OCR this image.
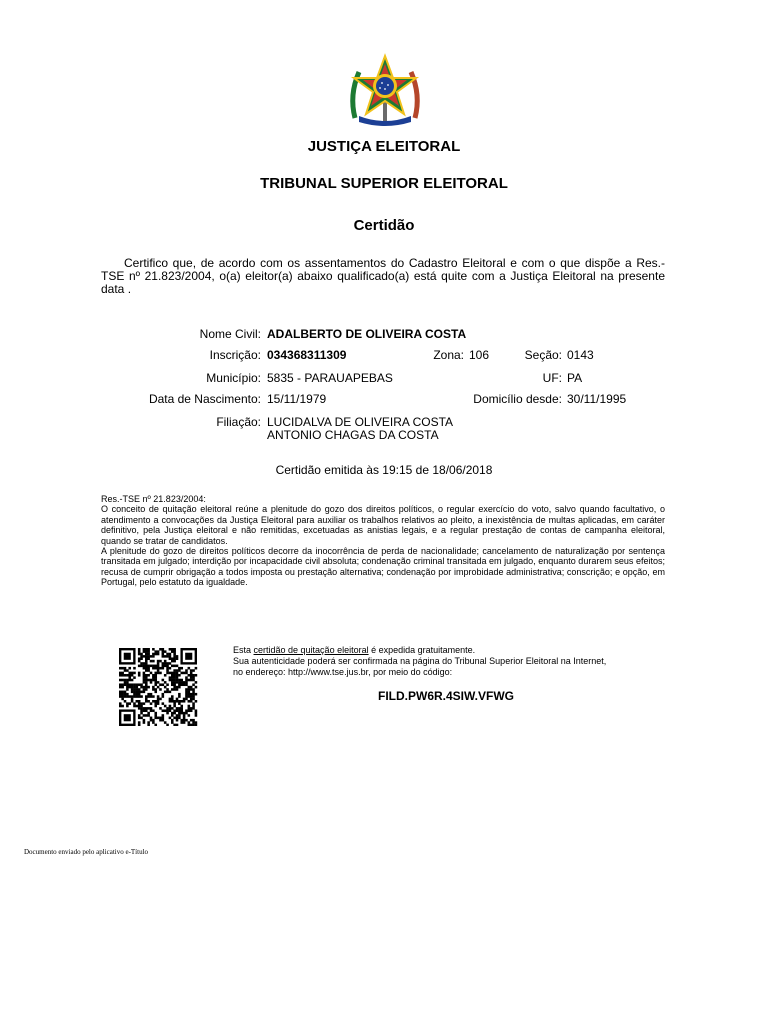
JUSTIÇA ELEITORAL
TRIBUNAL SUPERIOR ELEITORAL
Certidão
Certifico que, de acordo com os assentamentos do Cadastro Eleitoral e com o que dispõe a Res.-TSE nº 21.823/2004, o(a) eleitor(a) abaixo qualificado(a) está quite com a Justiça Eleitoral na presente data .
Nome Civil: ADALBERTO DE OLIVEIRA COSTA
Inscrição: 034368311309	Zona: 106	Seção: 0143
Município: 5835 - PARAUAPEBAS	UF: PA
Data de Nascimento: 15/11/1979	Domicílio desde: 30/11/1995
Filiação: LUCIDALVA DE OLIVEIRA COSTA
ANTONIO CHAGAS DA COSTA
Certidão emitida às 19:15 de 18/06/2018

Res.-TSE nº 21.823/2004:

O conceito de quitação eleitoral reúne a plenitude do gozo dos direitos políticos, o regular exercício do voto, salvo quando facultativo, o atendimento a convocações da Justiça Eleitoral para auxiliar os trabalhos relativos ao pleito, a inexistência de multas aplicadas, em caráter definitivo, pela Justiça eleitoral e não remitidas, excetuadas as anistias legais, e a regular prestação de contas de campanha eleitoral, quando se tratar de candidatos.

A plenitude do gozo de direitos políticos decorre da inocorrência de perda de nacionalidade; cancelamento de naturalização por sentença transitada em julgado; interdição por incapacidade civil absoluta; condenação criminal transitada em julgado, enquanto durarem seus efeitos; recusa de cumprir obrigação a todos imposta ou prestação alternativa; condenação por improbidade administrativa; conscrição; e opção, em Portugal, pelo estatuto da igualdade.

Esta certidão de quitação eleitoral é expedida gratuitamente.
Sua autenticidade poderá ser confirmada na página do Tribunal Superior Eleitoral na Internet,
no endereço: http://www.tse.jus.br, por meio do código:
FILD.PW6R.4SIW.VFWG
Documento enviado pelo aplicativo e-Título
